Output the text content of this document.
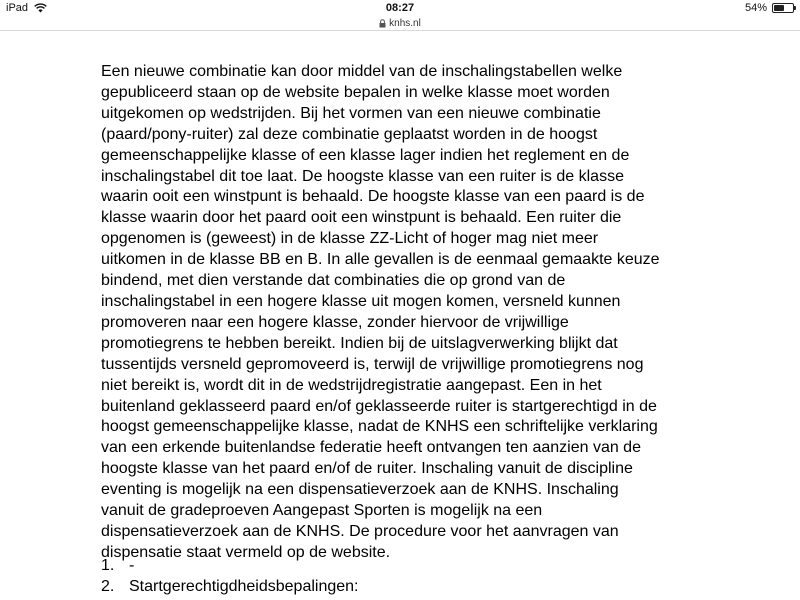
iPad	08:27	54%
knhs.nl

Een nieuwe combinatie kan door middel van de inschalingstabellen welke

gepubliceerd staan op de website bepalen in welke klasse moet worden

uitgekomen op wedstrijden. Bij het vormen van een nieuwe combinatie

(paard/pony-ruiter) zal deze combinatie geplaatst worden in de hoogst

gemeenschappelijke klasse of een klasse lager indien het reglement en de

inschalingstabel dit toe laat. De hoogste klasse van een ruiter is de klasse

waarin ooit een winstpunt is behaald. De hoogste klasse van een paard is de

klasse waarin door het paard ooit een winstpunt is behaald. Een ruiter die

opgenomen is (geweest) in de klasse ZZ-Licht of hoger mag niet meer

uitkomen in de klasse BB en B. In alle gevallen is de eenmaal gemaakte keuze

bindend, met dien verstande dat combinaties die op grond van de

inschalingstabel in een hogere klasse uit mogen komen, versneld kunnen

promoveren naar een hogere klasse, zonder hiervoor de vrijwillige

promotiegrens te hebben bereikt. Indien bij de uitslagverwerking blijkt dat

tussentijds versneld gepromoveerd is, terwijl de vrijwillige promotiegrens nog

niet bereikt is, wordt dit in de wedstrijdregistratie aangepast. Een in het

buitenland geklasseerd paard en/of geklasseerde ruiter is startgerechtigd in de

hoogst gemeenschappelijke klasse, nadat de KNHS een schriftelijke verklaring

van een erkende buitenlandse federatie heeft ontvangen ten aanzien van de

hoogste klasse van het paard en/of de ruiter. Inschaling vanuit de discipline

eventing is mogelijk na een dispensatieverzoek aan de KNHS. Inschaling

vanuit de gradeproeven Aangepast Sporten is mogelijk na een

dispensatieverzoek aan de KNHS. De procedure voor het aanvragen van

dispensatie staat vermeld op de website.

1. -
2. Startgerechtigdheidsbepalingen:
